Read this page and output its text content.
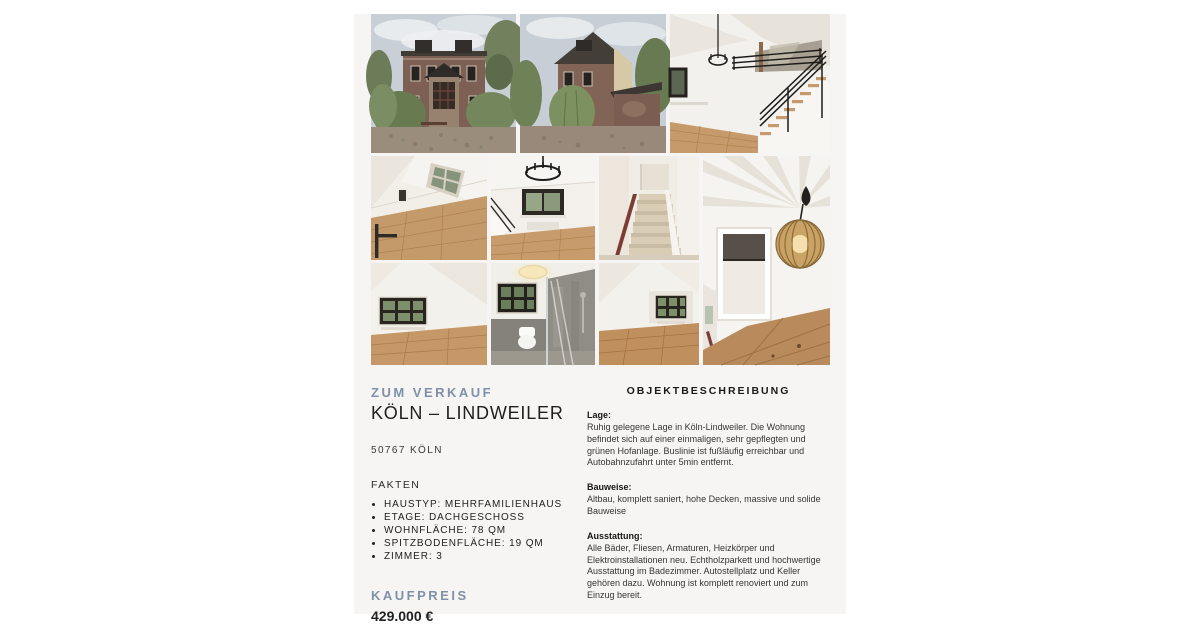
ZUM VERKAUF
KÖLN – LINDWEILER
50767 KÖLN
FAKTEN
• HAUSTYP: MEHRFAMILIENHAUS
• ETAGE: DACHGESCHOSS
• WOHNFLÄCHE: 78 QM
• SPITZBODENFLÄCHE: 19 QM
• ZIMMER: 3
KAUFPREIS
429.000 €
OBJEKTBESCHREIBUNG
Lage:
Ruhig gelegene Lage in Köln-Lindweiler. Die Wohnung befindet sich auf einer einmaligen, sehr gepflegten und grünen Hofanlage. Buslinie ist fußläufig erreichbar und Autobahnzufahrt unter 5min entfernt.
Bauweise:
Altbau, komplett saniert, hohe Decken, massive und solide Bauweise
Ausstattung:
Alle Bäder, Fliesen, Armaturen, Heizkörper und Elektroinstallationen neu. Echtholzparkett und hochwertige Ausstattung im Badezimmer. Autostellplatz und Keller gehören dazu. Wohnung ist komplett renoviert und zum Einzug bereit.
